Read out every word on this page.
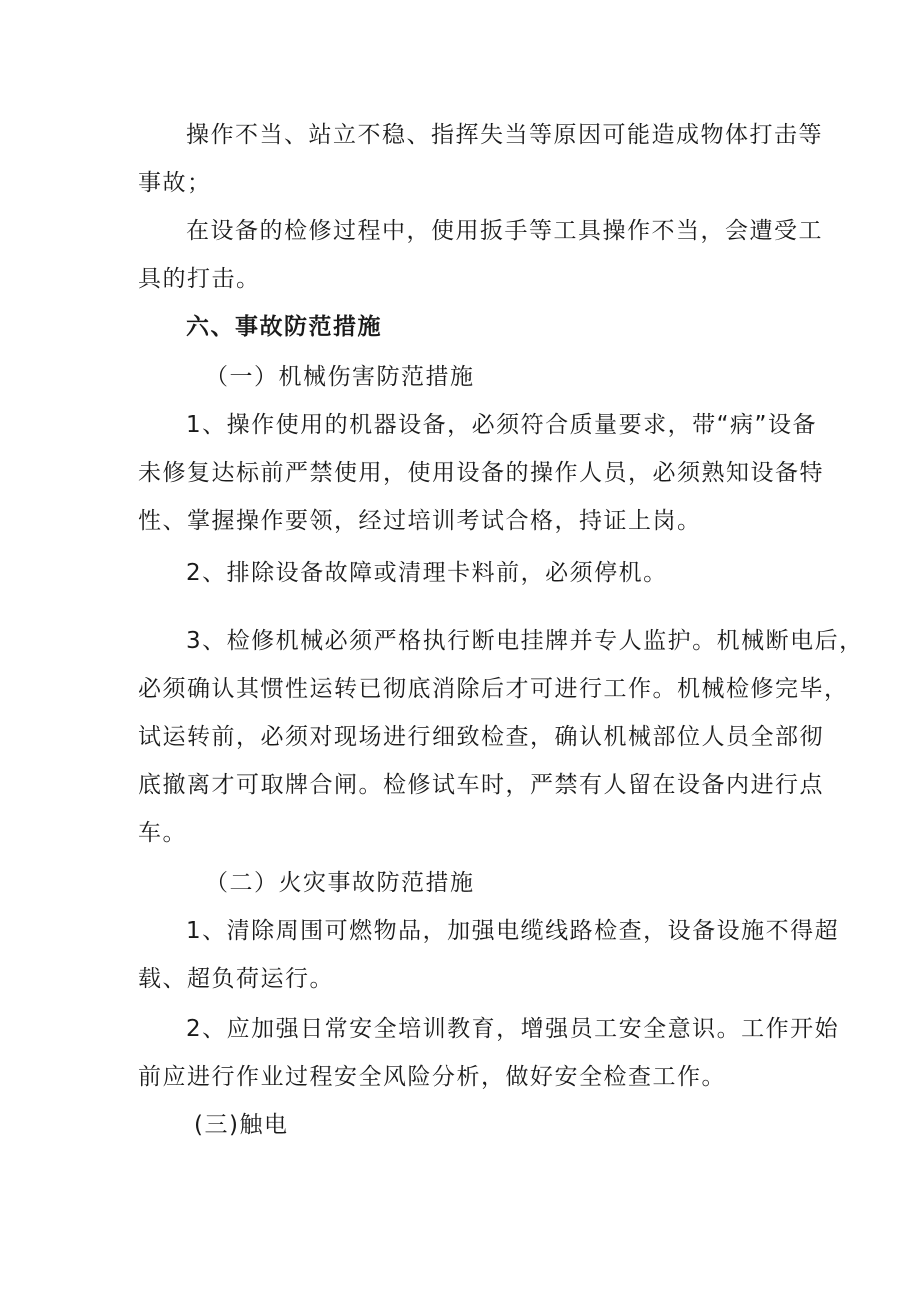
操作不当、站立不稳、指挥失当等原因可能造成物体打击等
事故；
在设备的检修过程中，使用扳手等工具操作不当，会遭受工
具的打击。
六、事故防范措施
（一）机械伤害防范措施
1、操作使用的机器设备，必须符合质量要求，带“病”设备
未修复达标前严禁使用，使用设备的操作人员，必须熟知设备特
性、掌握操作要领，经过培训考试合格，持证上岗。
2、排除设备故障或清理卡料前，必须停机。
3、检修机械必须严格执行断电挂牌并专人监护。机械断电后，
必须确认其惯性运转已彻底消除后才可进行工作。机械检修完毕，
试运转前，必须对现场进行细致检查，确认机械部位人员全部彻
底撤离才可取牌合闸。检修试车时，严禁有人留在设备内进行点
车。
（二）火灾事故防范措施
1、清除周围可燃物品，加强电缆线路检查，设备设施不得超
载、超负荷运行。
2、应加强日常安全培训教育，增强员工安全意识。工作开始
前应进行作业过程安全风险分析，做好安全检查工作。
(三)触电
